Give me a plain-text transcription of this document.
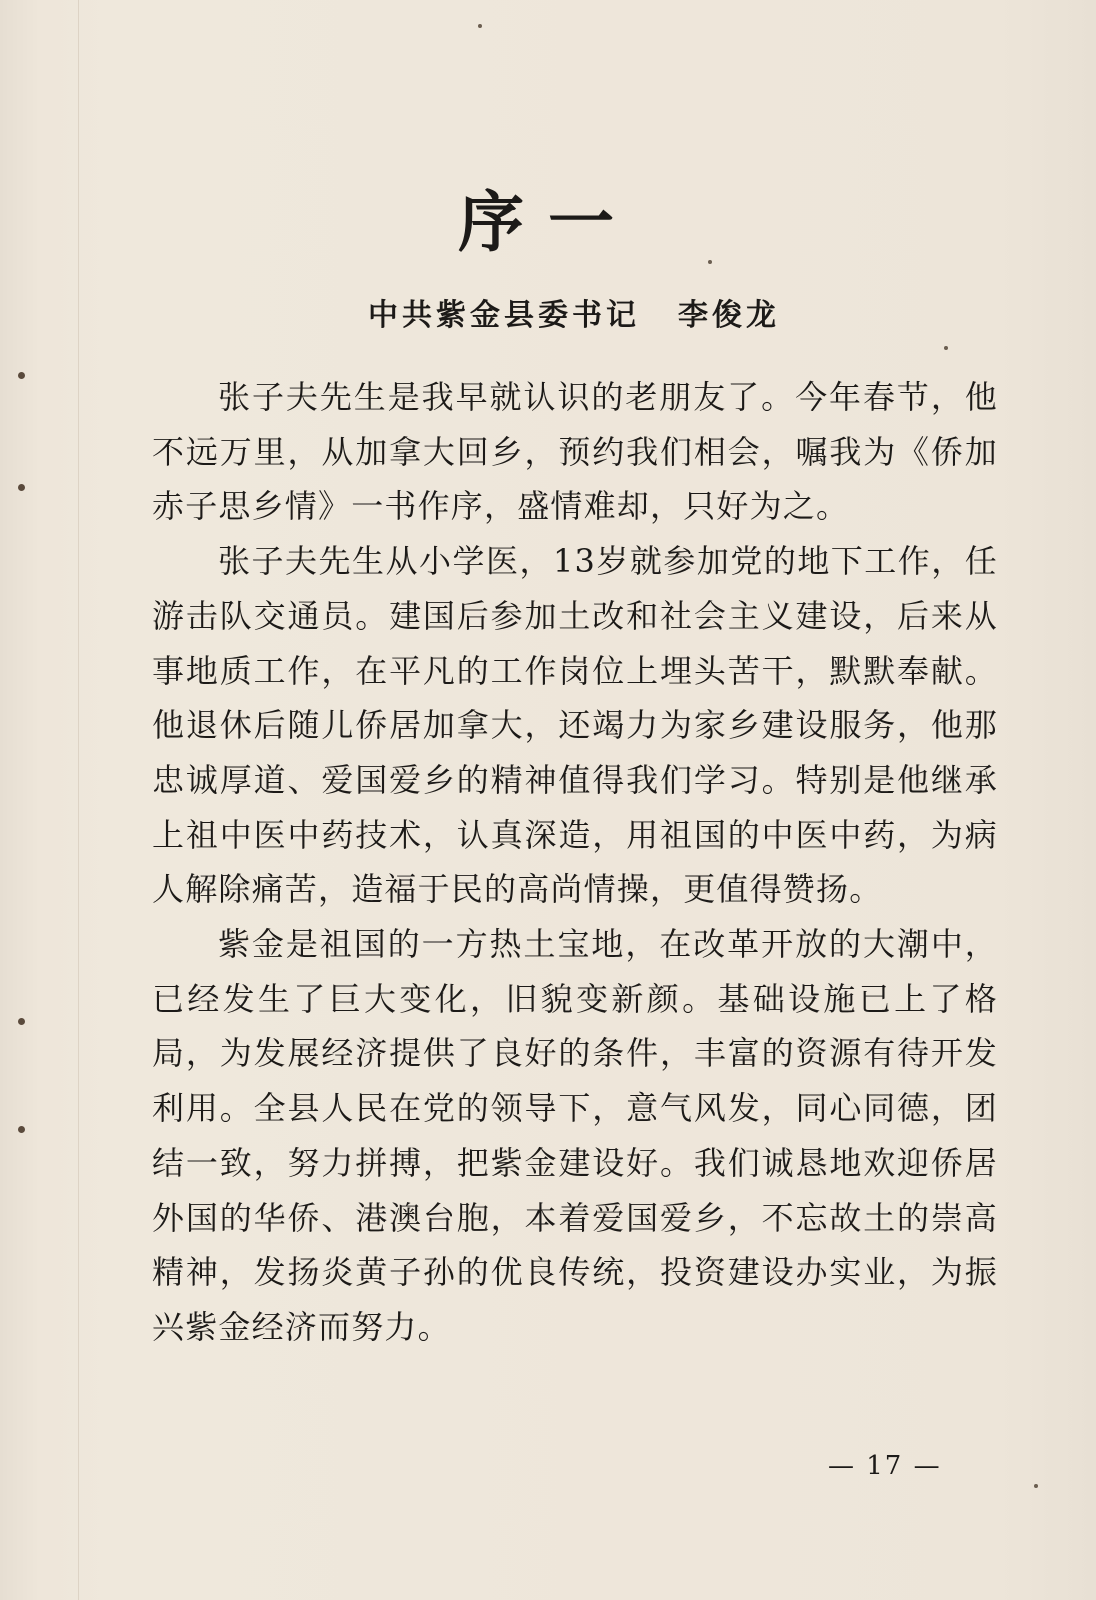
序一
中共紫金县委书记 李俊龙

张子夫先生是我早就认识的老朋友了。今年春节，他不远万里，从加拿大回乡，预约我们相会，嘱我为《侨加赤子思乡情》一书作序，盛情难却，只好为之。

张子夫先生从小学医，13岁就参加党的地下工作，任游击队交通员。建国后参加土改和社会主义建设，后来从事地质工作，在平凡的工作岗位上埋头苦干，默默奉献。他退休后随儿侨居加拿大，还竭力为家乡建设服务，他那忠诚厚道、爱国爱乡的精神值得我们学习。特别是他继承上祖中医中药技术，认真深造，用祖国的中医中药，为病人解除痛苦，造福于民的高尚情操，更值得赞扬。

紫金是祖国的一方热土宝地，在改革开放的大潮中，已经发生了巨大变化，旧貌变新颜。基础设施已上了格局，为发展经济提供了良好的条件，丰富的资源有待开发利用。全县人民在党的领导下，意气风发，同心同德，团结一致，努力拼搏，把紫金建设好。我们诚恳地欢迎侨居外国的华侨、港澳台胞，本着爱国爱乡，不忘故土的崇高精神，发扬炎黄子孙的优良传统，投资建设办实业，为振兴紫金经济而努力。

— 17 —
